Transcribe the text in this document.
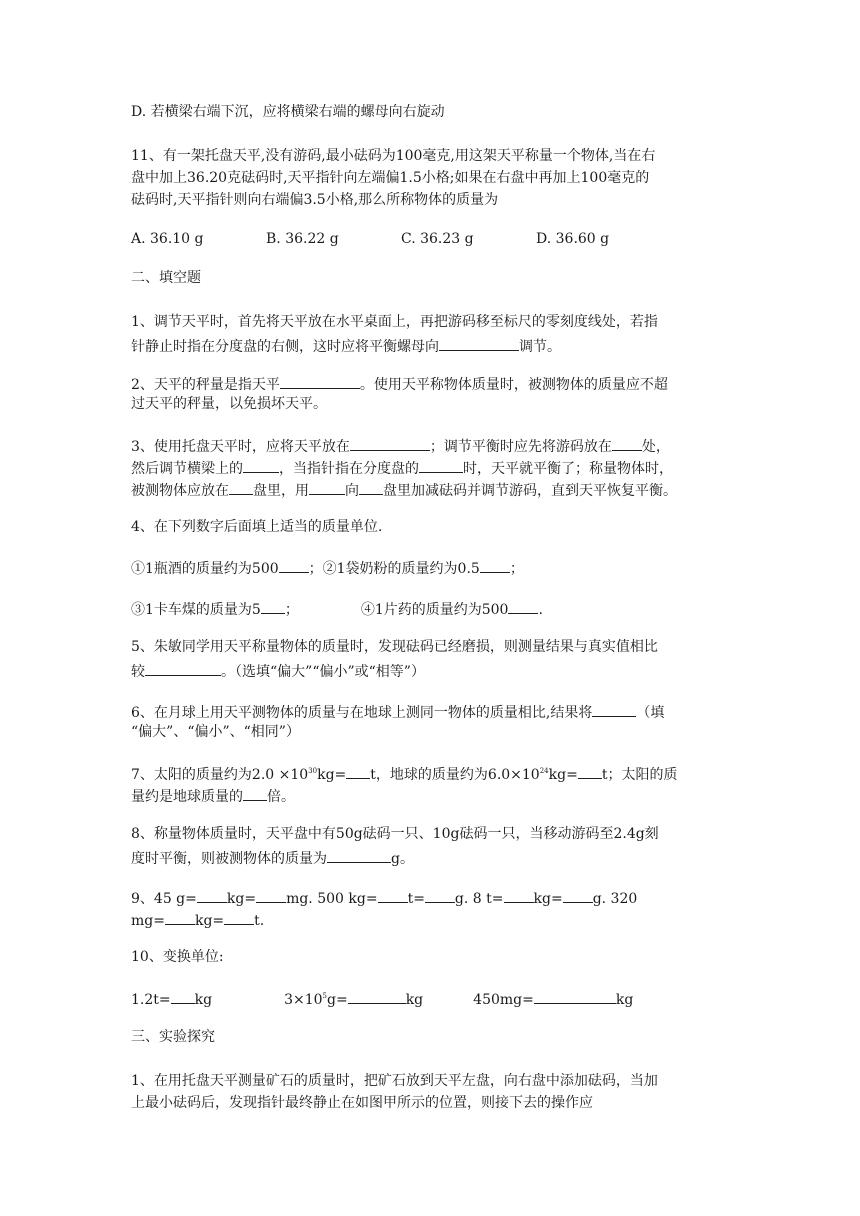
D. 若横梁右端下沉，应将横梁右端的螺母向右旋动
11、有一架托盘天平,没有游码,最小砝码为100毫克,用这架天平称量一个物体,当在右
盘中加上36.20克砝码时,天平指针向左端偏1.5小格;如果在右盘中再加上100毫克的
砝码时,天平指针则向右端偏3.5小格,那么所称物体的质量为
A. 36.10 g	B. 36.22 g	C. 36.23 g	D. 36.60 g
二、填空题
1、调节天平时，首先将天平放在水平桌面上，再把游码移至标尺的零刻度线处，若指
针静止时指在分度盘的右侧，这时应将平衡螺母向	调节。
2、天平的秤量是指天平	。使用天平称物体质量时，被测物体的质量应不超
过天平的秤量，以免损坏天平。
3、使用托盘天平时，应将天平放在	；调节平衡时应先将游码放在 处，
然后调节横梁上的	，当指针指在分度盘的	时，天平就平衡了；称量物体时，
被测物体应放在 盘里，用	向 盘里加减砝码并调节游码，直到天平恢复平衡。
4、在下列数字后面填上适当的质量单位.
①1瓶酒的质量约为500 ；②1袋奶粉的质量约为0.5 ；
③1卡车煤的质量为5 ；	④1片药的质量约为500 .
5、朱敏同学用天平称量物体的质量时，发现砝码已经磨损，则测量结果与真实值相比
较	。（选填“偏大”“偏小”或“相等”）
6、在月球上用天平测物体的质量与在地球上测同一物体的质量相比,结果将	（填
“偏大”、“偏小”、“相同”）
7、太阳的质量约为$2.0 \times 10^{30}kg= t$，地球的质量约为$6.0\times 10^{24}kg= t$；太阳的质
量约是地球质量的 倍。
8、称量物体质量时，天平盘中有50g砝码一只、10g砝码一只，当移动游码至2.4g刻
度时平衡，则被测物体的质量为	g。
9、45 g= kg= mg. 500 kg= t= g. 8 t= kg= g. 320
mg= kg= t.
10、变换单位:
1.2t= kg	$3\times 10^5g=$	kg	450mg=	kg
三、实验探究
1、在用托盘天平测量矿石的质量时，把矿石放到天平左盘，向右盘中添加砝码，当加
上最小砝码后，发现指针最终静止在如图甲所示的位置，则接下去的操作应
